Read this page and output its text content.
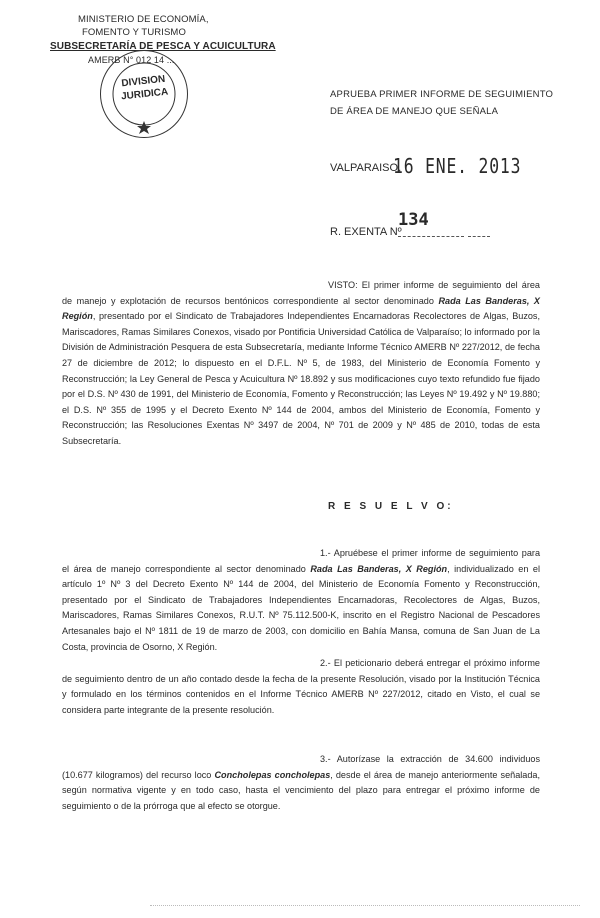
MINISTERIO DE ECONOMÍA,
FOMENTO Y TURISMO
SUBSECRETARÍA DE PESCA Y ACUICULTURA
AMERB N° 012 14 ...
DIVISION
JURIDICA	APRUEBA PRIMER INFORME DE SEGUIMIENTO DE ÁREA DE MANEJO QUE SEÑALA
VALPARAISO,
16 ENE. 2013
R. EXENTA Nº
134
VISTO: El primer informe de seguimiento del área de manejo y explotación de recursos bentónicos correspondiente al sector denominado Rada Las Banderas, X Región, presentado por el Sindicato de Trabajadores Independientes Encarnadoras Recolectores de Algas, Buzos, Mariscadores, Ramas Similares Conexos, visado por Pontificia Universidad Católica de Valparaíso; lo informado por la División de Administración Pesquera de esta Subsecretaría, mediante Informe Técnico AMERB Nº 227/2012, de fecha 27 de diciembre de 2012; lo dispuesto en el D.F.L. Nº 5, de 1983, del Ministerio de Economía Fomento y Reconstrucción; la Ley General de Pesca y Acuicultura Nº 18.892 y sus modificaciones cuyo texto refundido fue fijado por el D.S. Nº 430 de 1991, del Ministerio de Economía, Fomento y Reconstrucción; las Leyes Nº 19.492 y Nº 19.880; el D.S. Nº 355 de 1995 y el Decreto Exento Nº 144 de 2004, ambos del Ministerio de Economía, Fomento y Reconstrucción; las Resoluciones Exentas Nº 3497 de 2004, Nº 701 de 2009 y Nº 485 de 2010, todas de esta Subsecretaría.
R E S U E L V O:
1.- Apruébese el primer informe de seguimiento para el área de manejo correspondiente al sector denominado Rada Las Banderas, X Región, individualizado en el artículo 1º Nº 3 del Decreto Exento Nº 144 de 2004, del Ministerio de Economía Fomento y Reconstrucción, presentado por el Sindicato de Trabajadores Independientes Encarnadoras, Recolectores de Algas, Buzos, Mariscadores, Ramas Similares Conexos, R.U.T. Nº 75.112.500-K, inscrito en el Registro Nacional de Pescadores Artesanales bajo el Nº 1811 de 19 de marzo de 2003, con domicilio en Bahía Mansa, comuna de San Juan de La Costa, provincia de Osorno, X Región.
2.- El peticionario deberá entregar el próximo informe de seguimiento dentro de un año contado desde la fecha de la presente Resolución, visado por la Institución Técnica y formulado en los términos contenidos en el Informe Técnico AMERB Nº 227/2012, citado en Visto, el cual se considera parte integrante de la presente resolución.
3.- Autorízase la extracción de 34.600 individuos (10.677 kilogramos) del recurso loco Concholepas concholepas, desde el área de manejo anteriormente señalada, según normativa vigente y en todo caso, hasta el vencimiento del plazo para entregar el próximo informe de seguimiento o de la prórroga que al efecto se otorgue.
